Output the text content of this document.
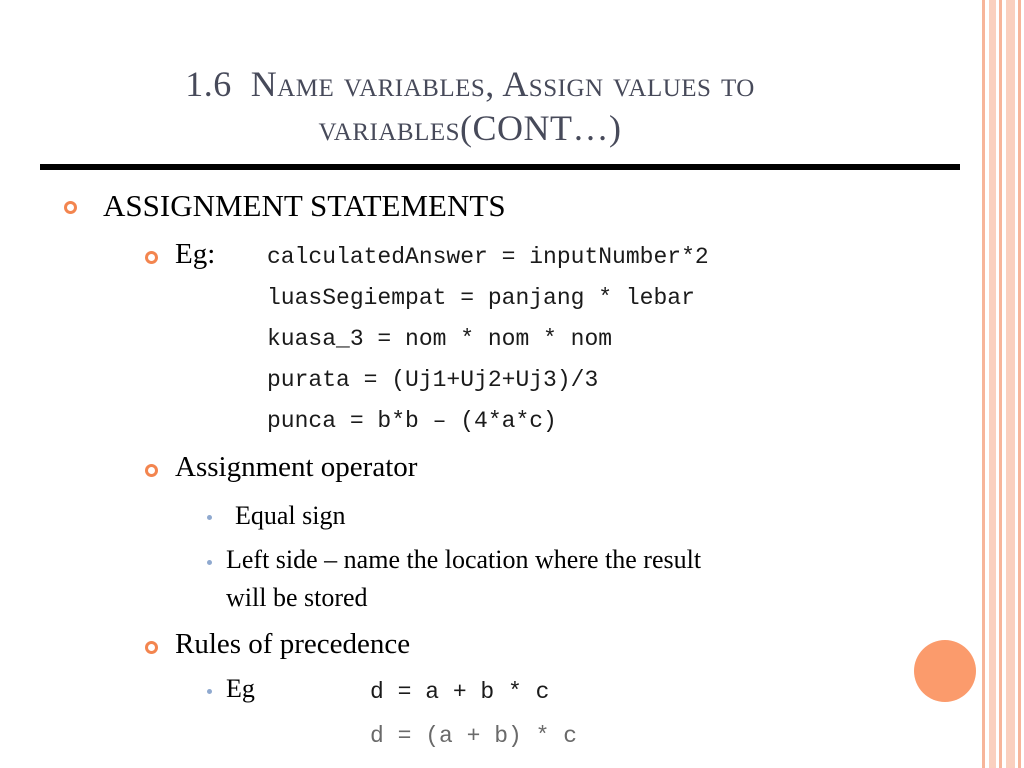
1.6 Name variables, Assign values to
variables(CONT…)
ASSIGNMENT STATEMENTS
Eg: calculatedAnswer = inputNumber*2
luasSegiempat = panjang * lebar
kuasa_3 = nom * nom * nom
purata = (Uj1+Uj2+Uj3)/3
punca = b*b – (4*a*c)
Assignment operator
Equal sign
Left side – name the location where the result
will be stored
Rules of precedence
Eg	d = a + b * c
d = (a + b) * c
